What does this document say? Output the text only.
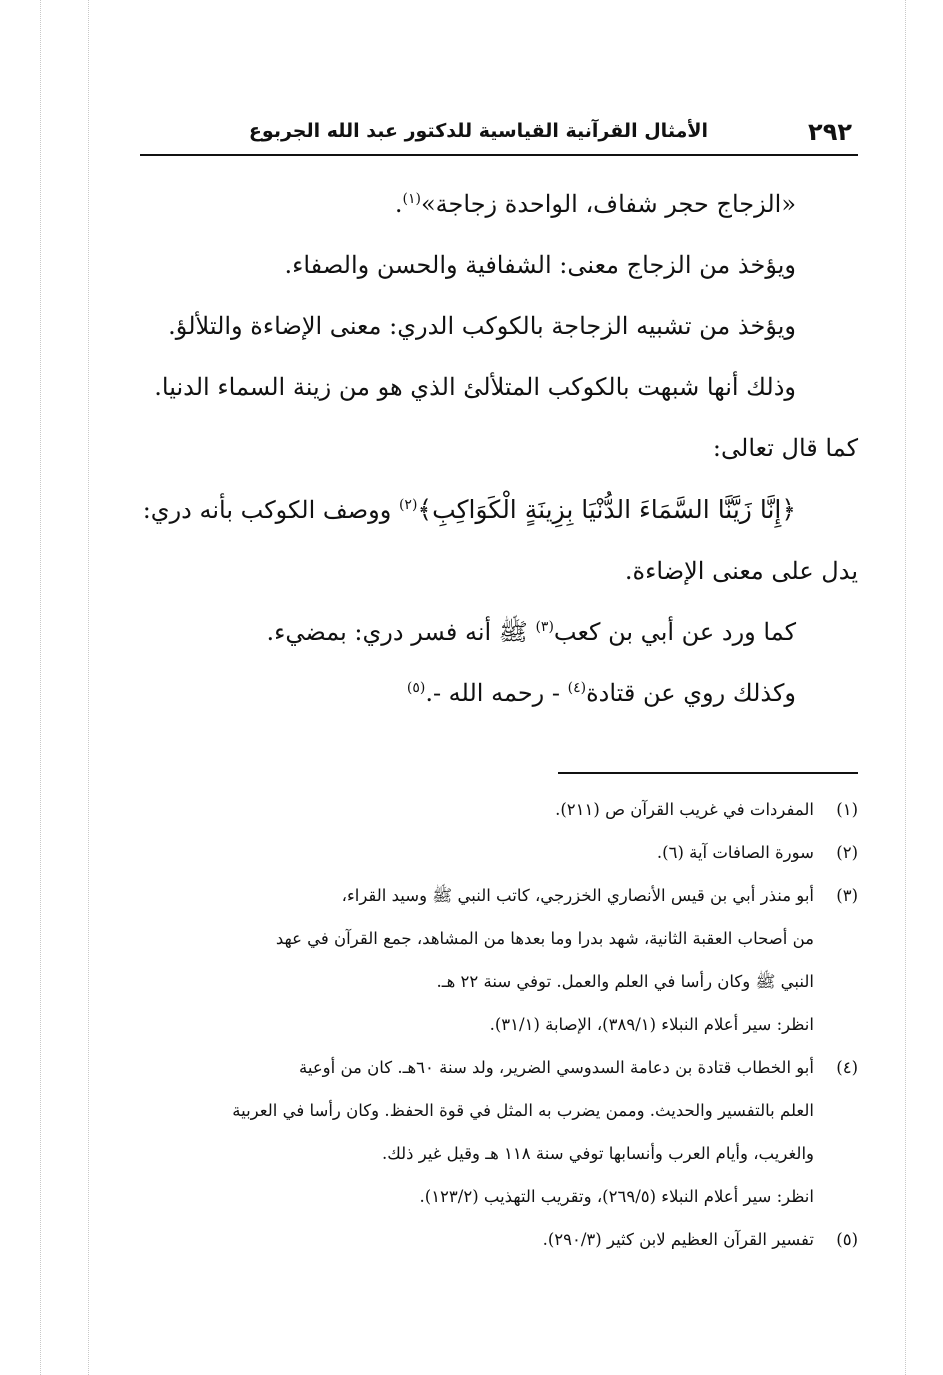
٢٩٢
الأمثال القرآنية القياسية للدكتور عبد الله الجربوع

«الزجاج حجر شفاف، الواحدة زجاجة»$^{(١)}$.

ويؤخذ من الزجاج معنى: الشفافية والحسن والصفاء.

ويؤخذ من تشبيه الزجاجة بالكوكب الدري: معنى الإضاءة والتلألؤ.

وذلك أنها شبهت بالكوكب المتلألئ الذي هو من زينة السماء الدنيا.

كما قال تعالى:

﴿إِنَّا زَيَّنَّا السَّمَاءَ الدُّنْيَا بِزِينَةٍ الْكَوَاكِبِ﴾$^{(٢)}$ ووصف الكوكب بأنه دري:

يدل على معنى الإضاءة.

كما ورد عن أبي بن كعب$^{(٣)}$ ﷺ أنه فسر دري: بمضيء.

وكذلك روي عن قتادة$^{(٤)}$ - رحمه الله -.$^{(٥)}$

(١)
المفردات في غريب القرآن ص (٢١١).
(٢)
سورة الصافات آية (٦).
(٣)
أبو منذر أبي بن قيس الأنصاري الخزرجي، كاتب النبي ﷺ وسيد القراء،
من أصحاب العقبة الثانية، شهد بدرا وما بعدها من المشاهد، جمع القرآن في عهد
النبي ﷺ وكان رأسا في العلم والعمل. توفي سنة ٢٢ هـ.
انظر: سير أعلام النبلاء (٣٨٩/١)، الإصابة (٣١/١).
(٤)
أبو الخطاب قتادة بن دعامة السدوسي الضرير، ولد سنة ٦٠هـ. كان من أوعية
العلم بالتفسير والحديث. وممن يضرب به المثل في قوة الحفظ. وكان رأسا في العربية
والغريب، وأيام العرب وأنسابها توفي سنة ١١٨ هـ وقيل غير ذلك.
انظر: سير أعلام النبلاء (٢٦٩/٥)، وتقريب التهذيب (١٢٣/٢).
(٥)
تفسير القرآن العظيم لابن كثير (٢٩٠/٣).
